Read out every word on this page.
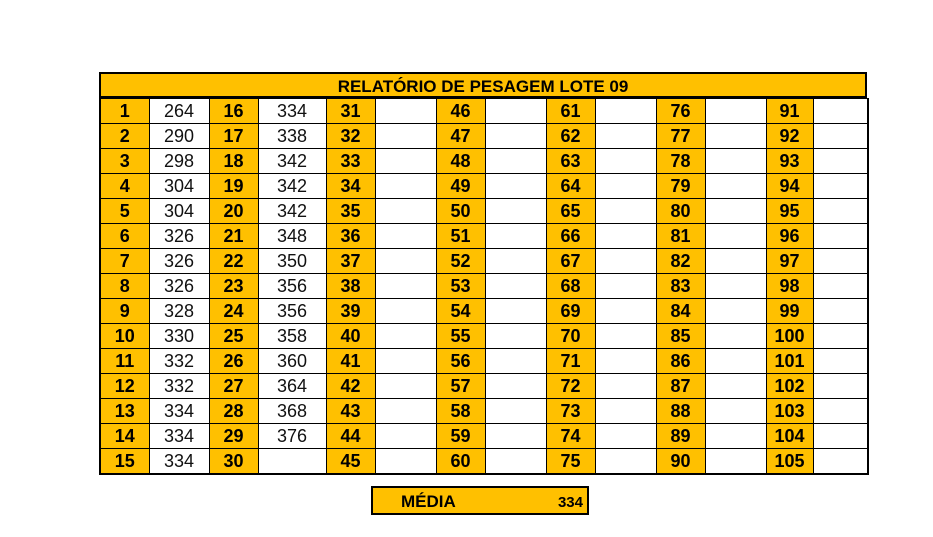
RELATÓRIO DE PESAGEM LOTE 09
1	264	16	334	31		46		61		76		91	
2	290	17	338	32		47		62		77		92	
3	298	18	342	33		48		63		78		93	
4	304	19	342	34		49		64		79		94	
5	304	20	342	35		50		65		80		95	
6	326	21	348	36		51		66		81		96	
7	326	22	350	37		52		67		82		97	
8	326	23	356	38		53		68		83		98	
9	328	24	356	39		54		69		84		99	
10	330	25	358	40		55		70		85		100	
11	332	26	360	41		56		71		86		101	
12	332	27	364	42		57		72		87		102	
13	334	28	368	43		58		73		88		103	
14	334	29	376	44		59		74		89		104	
15	334	30		45		60		75		90		105	
MÉDIA	334
